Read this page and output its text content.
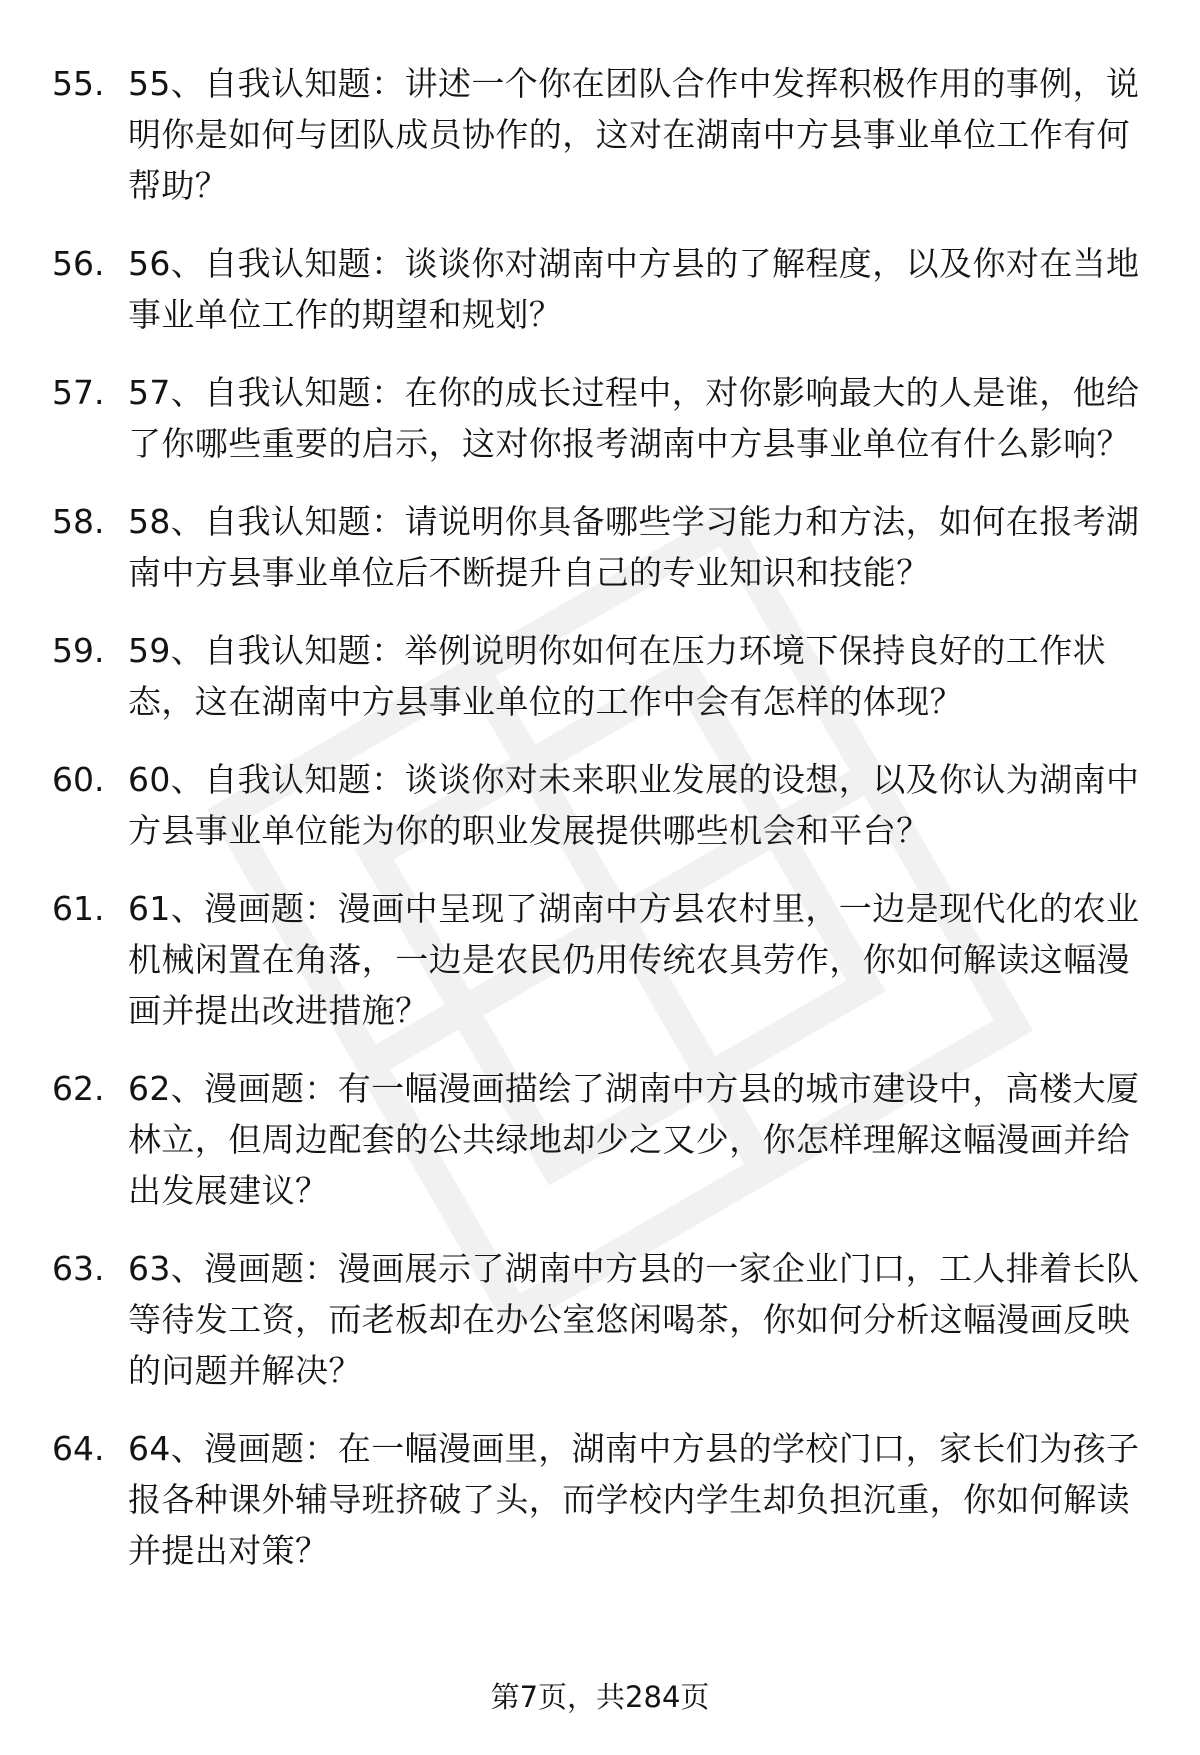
55. 55、自我认知题：讲述一个你在团队合作中发挥积极作用的事例，说明你是如何与团队成员协作的，这对在湖南中方县事业单位工作有何帮助？
56. 56、自我认知题：谈谈你对湖南中方县的了解程度，以及你对在当地事业单位工作的期望和规划？
57. 57、自我认知题：在你的成长过程中，对你影响最大的人是谁，他给了你哪些重要的启示，这对你报考湖南中方县事业单位有什么影响？
58. 58、自我认知题：请说明你具备哪些学习能力和方法，如何在报考湖南中方县事业单位后不断提升自己的专业知识和技能？
59. 59、自我认知题：举例说明你如何在压力环境下保持良好的工作状态，这在湖南中方县事业单位的工作中会有怎样的体现？
60. 60、自我认知题：谈谈你对未来职业发展的设想，以及你认为湖南中方县事业单位能为你的职业发展提供哪些机会和平台？
61. 61、漫画题：漫画中呈现了湖南中方县农村里，一边是现代化的农业机械闲置在角落，一边是农民仍用传统农具劳作，你如何解读这幅漫画并提出改进措施？
62. 62、漫画题：有一幅漫画描绘了湖南中方县的城市建设中，高楼大厦林立，但周边配套的公共绿地却少之又少，你怎样理解这幅漫画并给出发展建议？
63. 63、漫画题：漫画展示了湖南中方县的一家企业门口，工人排着长队等待发工资，而老板却在办公室悠闲喝茶，你如何分析这幅漫画反映的问题并解决？
64. 64、漫画题：在一幅漫画里，湖南中方县的学校门口，家长们为孩子报各种课外辅导班挤破了头，而学校内学生却负担沉重，你如何解读并提出对策？
第7页，共284页
